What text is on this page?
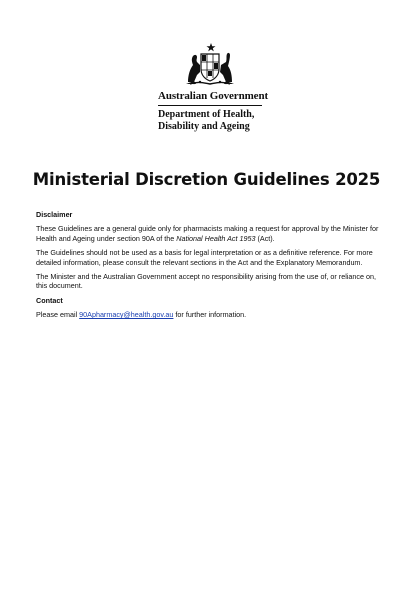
Australian Government
Department of Health,
Disability and Ageing
Ministerial Discretion Guidelines 2025
Disclaimer

These Guidelines are a general guide only for pharmacists making a request for approval by the Minister for Health and Ageing under section 90A of the National Health Act 1953 (Act).

The Guidelines should not be used as a basis for legal interpretation or as a definitive reference. For more detailed information, please consult the relevant sections in the Act and the Explanatory Memorandum.

The Minister and the Australian Government accept no responsibility arising from the use of, or reliance on, this document.

Contact

Please email 90Apharmacy@health.gov.au for further information.
